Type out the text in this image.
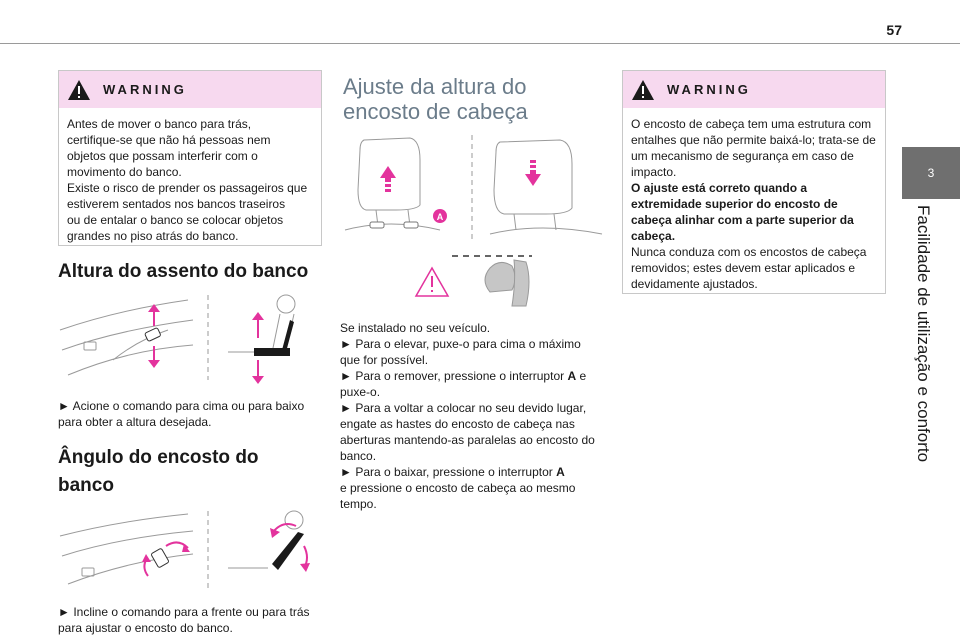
57
3
Facilidade de utilização e conforto
WARNING

Antes de mover o banco para trás,

certifique-se que não há pessoas nem

objetos que possam interferir com o

movimento do banco.

Existe o risco de prender os passageiros que

estiverem sentados nos bancos traseiros

ou de entalar o banco se colocar objetos

grandes no piso atrás do banco.

Altura do assento do banco

► Acione o comando para cima ou para baixo

para obter a altura desejada.

Ângulo do encosto do
banco

► Incline o comando para a frente ou para trás

para ajustar o encosto do banco.

Ajuste da altura do
encosto de cabeça
A

Se instalado no seu veículo.

► Para o elevar, puxe-o para cima o máximo

que for possível.

► Para o remover, pressione o interruptor A e

puxe-o.

► Para a voltar a colocar no seu devido lugar,

engate as hastes do encosto de cabeça nas

aberturas mantendo-as paralelas ao encosto do

banco.

► Para o baixar, pressione o interruptor A

e pressione o encosto de cabeça ao mesmo

tempo.

WARNING

O encosto de cabeça tem uma estrutura com

entalhes que não permite baixá-lo; trata-se de

um mecanismo de segurança em caso de

impacto.

O ajuste está correto quando a

extremidade superior do encosto de

cabeça alinhar com a parte superior da

cabeça.

Nunca conduza com os encostos de cabeça

removidos; estes devem estar aplicados e

devidamente ajustados.
